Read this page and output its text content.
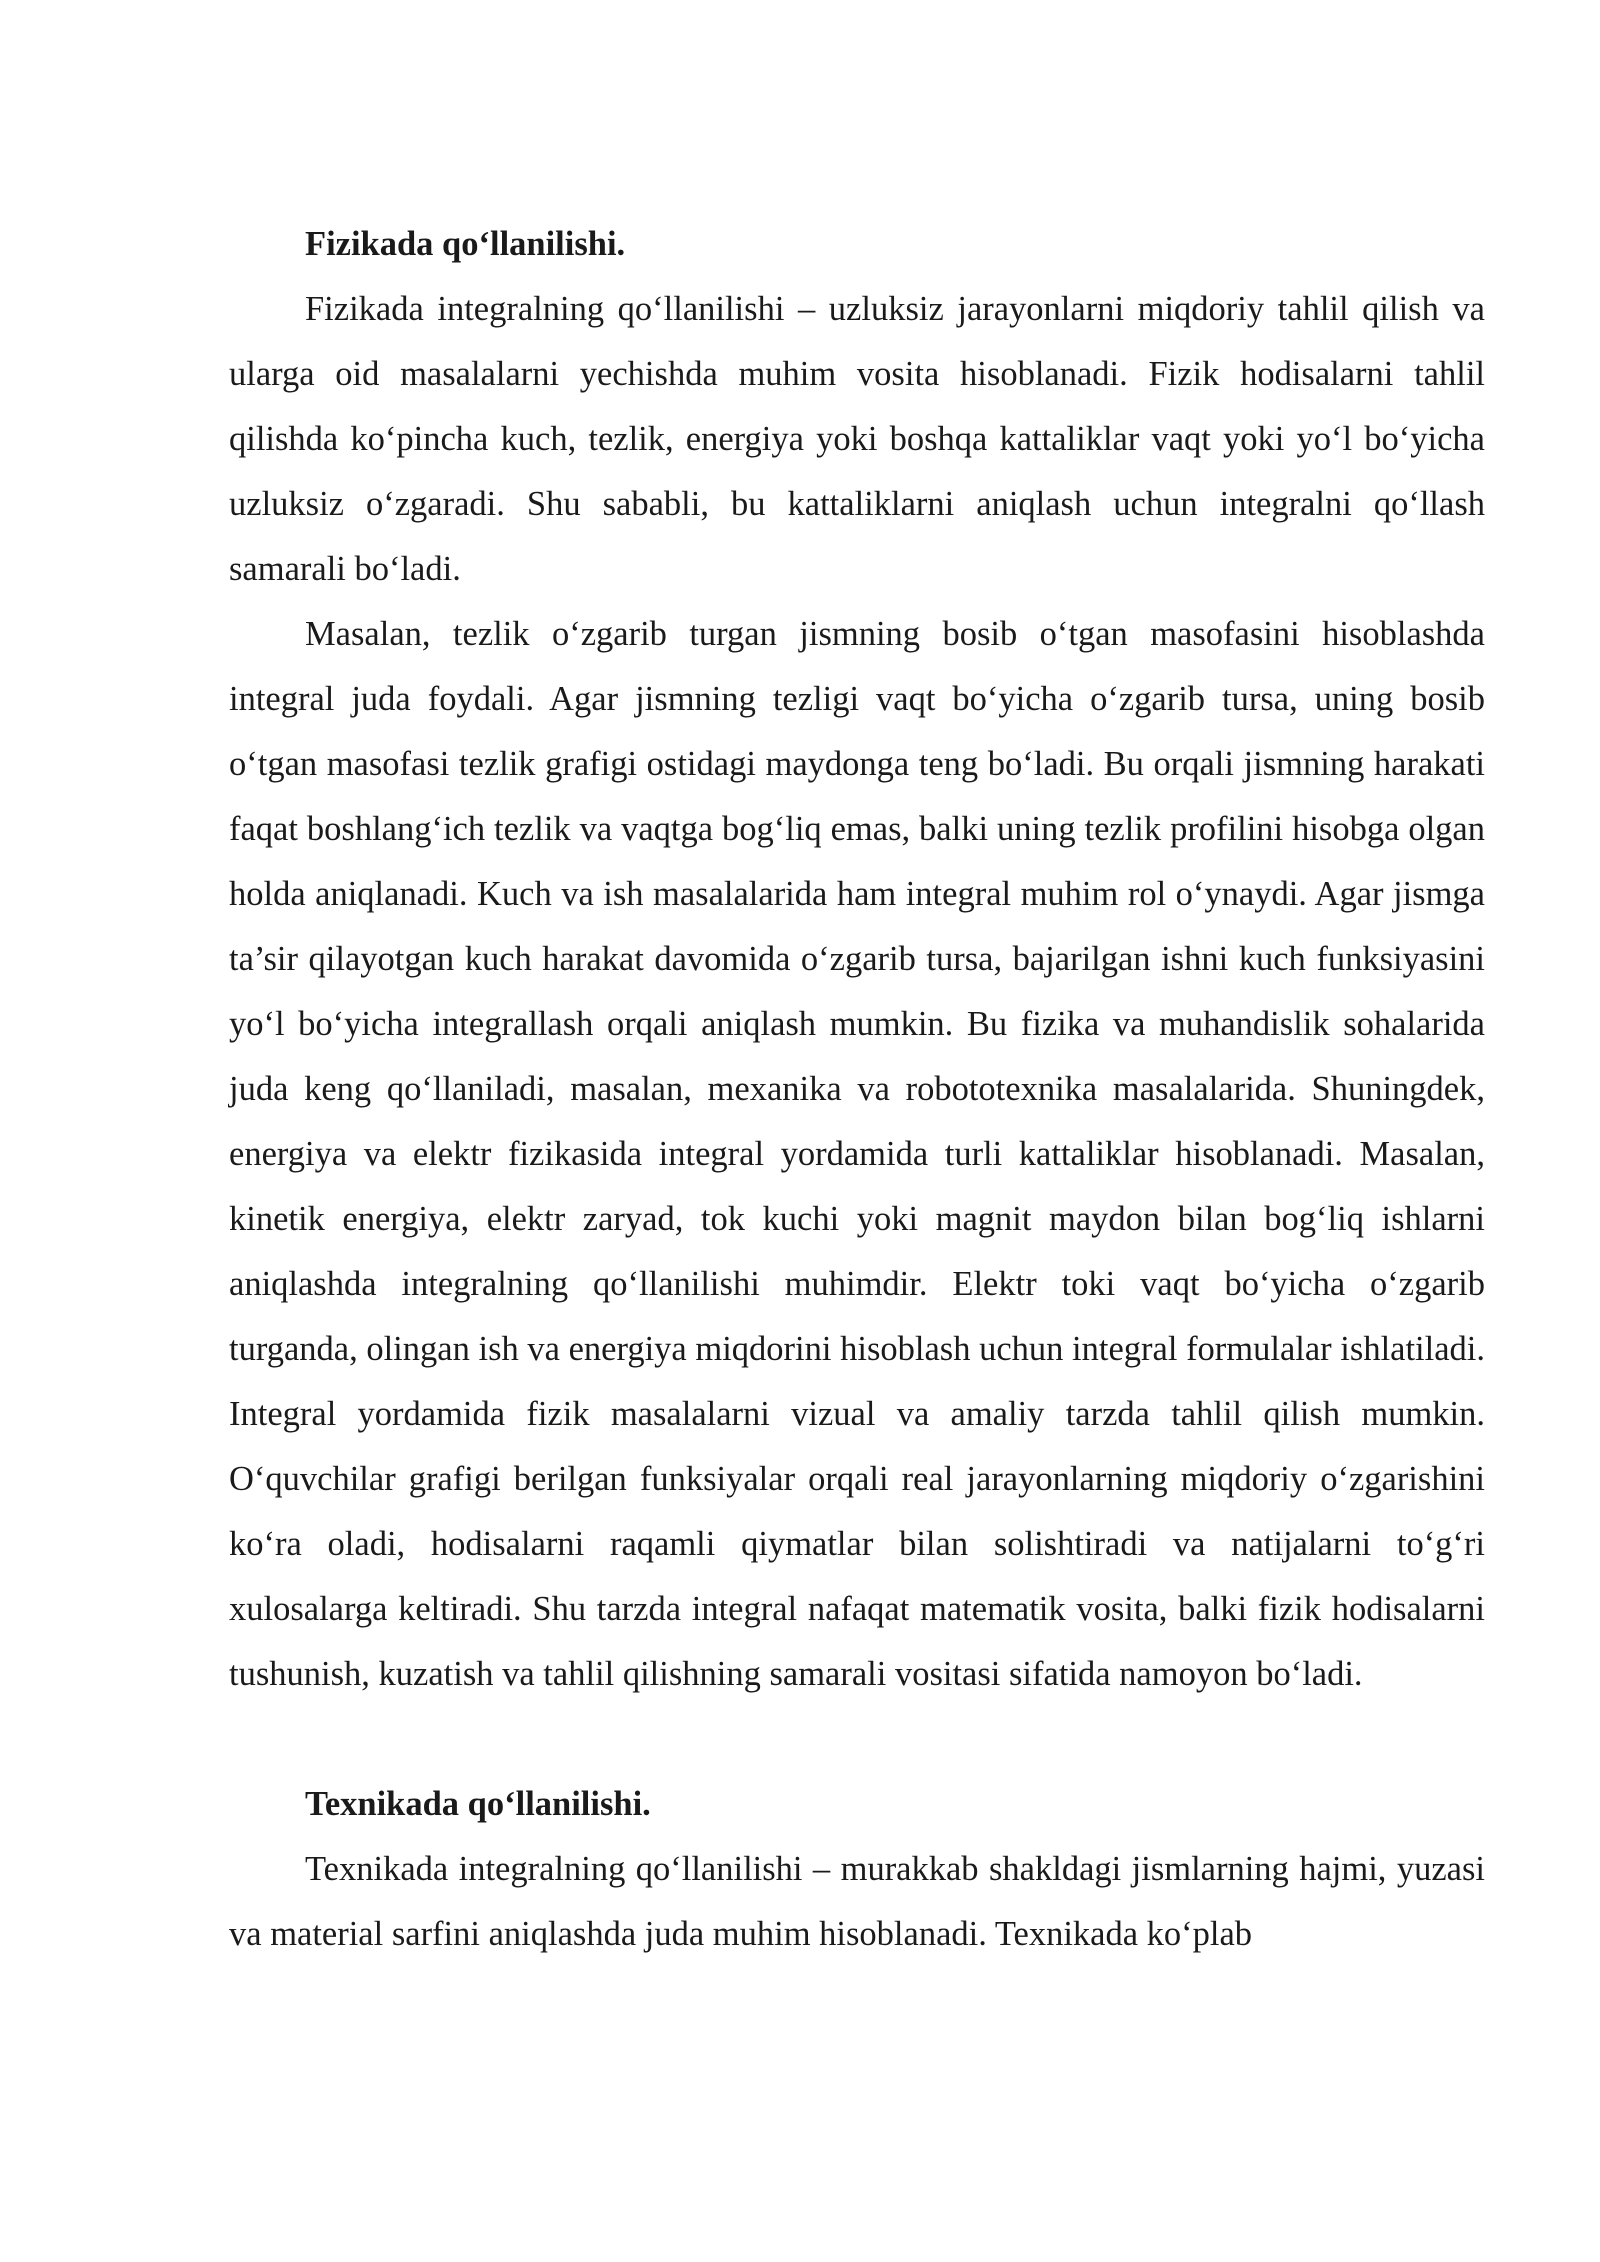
Fizikada qo‘llanilishi.

Fizikada integralning qo‘llanilishi – uzluksiz jarayonlarni miqdoriy tahlil qilish va ularga oid masalalarni yechishda muhim vosita hisoblanadi. Fizik hodisalarni tahlil qilishda ko‘pincha kuch, tezlik, energiya yoki boshqa kattaliklar vaqt yoki yo‘l bo‘yicha uzluksiz o‘zgaradi. Shu sababli, bu kattaliklarni aniqlash uchun integralni qo‘llash samarali bo‘ladi.

Masalan, tezlik o‘zgarib turgan jismning bosib o‘tgan masofasini hisoblashda integral juda foydali. Agar jismning tezligi vaqt bo‘yicha o‘zgarib tursa, uning bosib o‘tgan masofasi tezlik grafigi ostidagi maydonga teng bo‘ladi. Bu orqali jismning harakati faqat boshlang‘ich tezlik va vaqtga bog‘liq emas, balki uning tezlik profilini hisobga olgan holda aniqlanadi. Kuch va ish masalalarida ham integral muhim rol o‘ynaydi. Agar jismga ta’sir qilayotgan kuch harakat davomida o‘zgarib tursa, bajarilgan ishni kuch funksiyasini yo‘l bo‘yicha integrallash orqali aniqlash mumkin. Bu fizika va muhandislik sohalarida juda keng qo‘llaniladi, masalan, mexanika va robototexnika masalalarida. Shuningdek, energiya va elektr fizikasida integral yordamida turli kattaliklar hisoblanadi. Masalan, kinetik energiya, elektr zaryad, tok kuchi yoki magnit maydon bilan bog‘liq ishlarni aniqlashda integralning qo‘llanilishi muhimdir. Elektr toki vaqt bo‘yicha o‘zgarib turganda, olingan ish va energiya miqdorini hisoblash uchun integral formulalar ishlatiladi. Integral yordamida fizik masalalarni vizual va amaliy tarzda tahlil qilish mumkin. O‘quvchilar grafigi berilgan funksiyalar orqali real jarayonlarning miqdoriy o‘zgarishini ko‘ra oladi, hodisalarni raqamli qiymatlar bilan solishtiradi va natijalarni to‘g‘ri xulosalarga keltiradi. Shu tarzda integral nafaqat matematik vosita, balki fizik hodisalarni tushunish, kuzatish va tahlil qilishning samarali vositasi sifatida namoyon bo‘ladi.

Texnikada qo‘llanilishi.

Texnikada integralning qo‘llanilishi – murakkab shakldagi jismlarning hajmi, yuzasi va material sarfini aniqlashda juda muhim hisoblanadi. Texnikada ko‘plab
